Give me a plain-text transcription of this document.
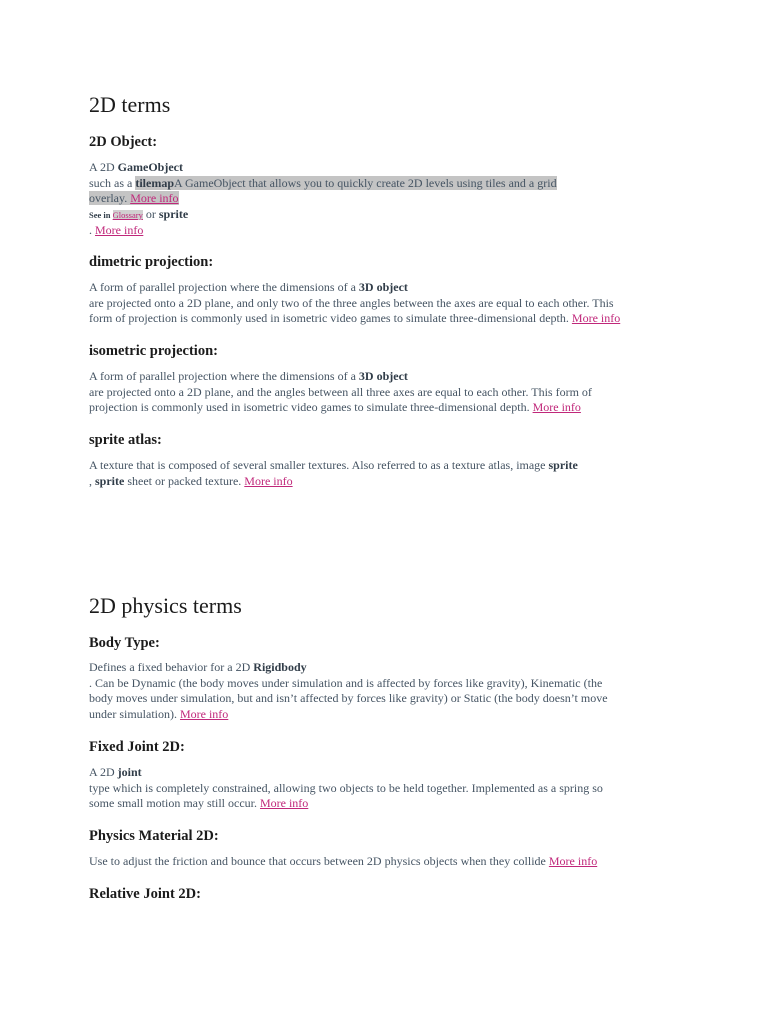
2D terms
2D Object:
A 2D GameObject
such as a tilemapA GameObject that allows you to quickly create 2D levels using tiles and a grid
overlay. More info
See in Glossary or sprite
. More info
dimetric projection:
A form of parallel projection where the dimensions of a 3D object
are projected onto a 2D plane, and only two of the three angles between the axes are equal to each other. This
form of projection is commonly used in isometric video games to simulate three-dimensional depth. More info
isometric projection:
A form of parallel projection where the dimensions of a 3D object
are projected onto a 2D plane, and the angles between all three axes are equal to each other. This form of
projection is commonly used in isometric video games to simulate three-dimensional depth. More info
sprite atlas:
A texture that is composed of several smaller textures. Also referred to as a texture atlas, image sprite
, sprite sheet or packed texture. More info
2D physics terms
Body Type:
Defines a fixed behavior for a 2D Rigidbody
. Can be Dynamic (the body moves under simulation and is affected by forces like gravity), Kinematic (the
body moves under simulation, but and isn’t affected by forces like gravity) or Static (the body doesn’t move
under simulation). More info
Fixed Joint 2D:
A 2D joint
type which is completely constrained, allowing two objects to be held together. Implemented as a spring so
some small motion may still occur. More info
Physics Material 2D:
Use to adjust the friction and bounce that occurs between 2D physics objects when they collide More info
Relative Joint 2D:
